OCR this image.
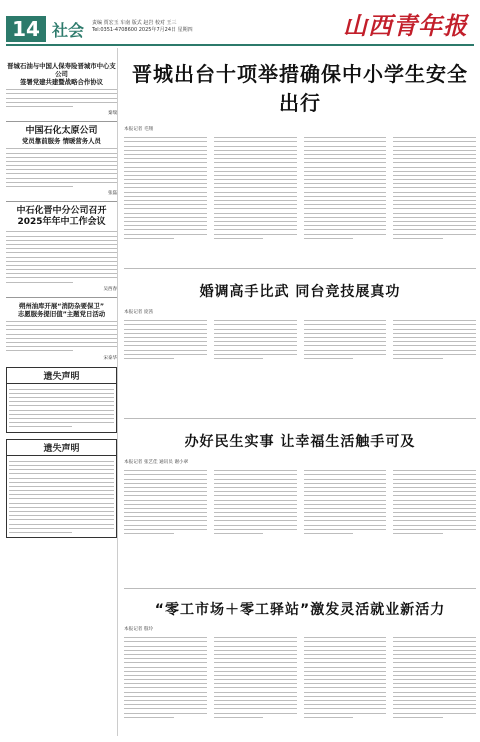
14 社会 责编 贾宏玉 车南 版式 赵岩 校对 王三
Tel:0351-4708600 2025年7月24日 星期四	山西青年报
晋城石油与中国人保寿险晋城市中心支公司
签署党建共建暨战略合作协议
秦瑞
中国石化太原公司
党员靠前服务 情暖营务人员
张磊
中石化晋中分公司召开
2025年年中工作会议
吴西春
朔州油库开展“消防杂要保卫”
志愿服务提旧值”主题党日活动
宋泰华
遗失声明
遗失声明
晋城出台十项举措确保中小学生安全出行
本报记者 毛翔
婚调高手比武 同台竞技展真功
本报记者 庞茜
办好民生实事 让幸福生活触手可及
本报记者 张艺佳 通讯员 谢小翠
“零工市场＋零工驿站”激发灵活就业新活力
本报记者 殷玲
